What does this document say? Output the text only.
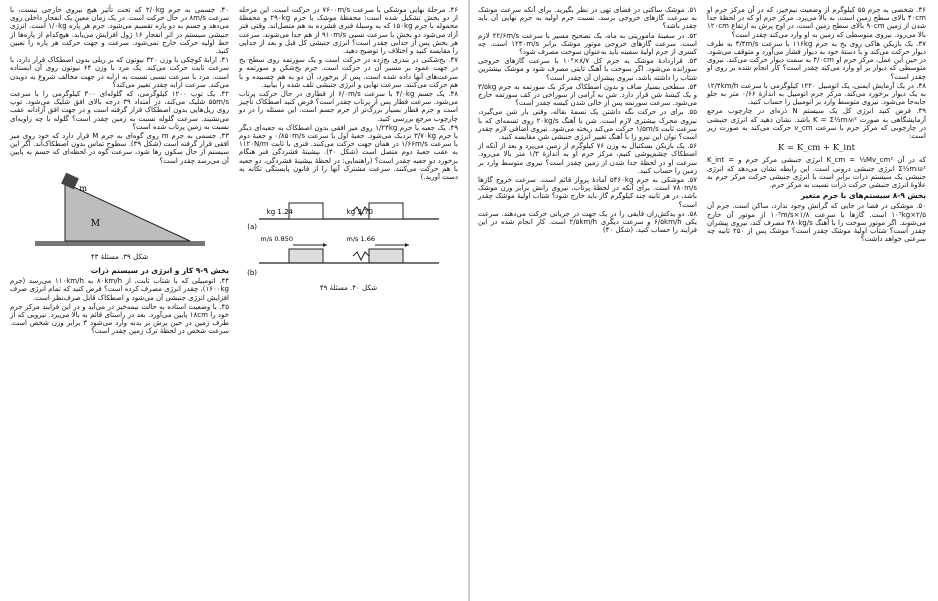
۴۰. جسمی به جرم ۲/۰kg که تحت تأثیر هیچ نیروی خارجی نیست، با سرعت ۸m/s در حال حرکت است. در یک زمان معین یک انفجار داخلی روی می‌دهد و جسم به دو پاره تقسیم می‌شود. جرم هر پاره ۱/۰kg است. انرژی جنبشی سیستم در اثر انفجار ۱۶ ژول افزایش می‌یابد. هیچ‌کدام از پاره‌ها از خط اولیه حرکت خارج نمی‌شود. سرعت و جهت حرکت هر پاره را تعیین کنید.
۴۱. ارابهٔ کوچکی با وزن ۳۲۰ نیوتون که بر ریلی بدون اصطکاک قرار دارد، با سرعت ثابت حرکت می‌کند. یک مرد با وزن ۶۴ نیوتون روی آن ایستاده است. مرد با سرعت نسبی نسبت به ارابه در جهت مخالف شروع به دویدن می‌کند. سرعت ارابه چقدر تغییر می‌کند؟
۴۲. یک توپ ۱۲۰۰ کیلوگرمی، که گلوله‌ای ۳۰۰ کیلوگرمی را با سرعت ۵۵m/s شلیک می‌کند، در امتداد ۳۹ درجه بالای افق شلیک می‌شود. توپ روی ریل‌هایی بدون اصطکاک قرار گرفته است و در جهت افق آزادانه عقب می‌نشیند. سرعت گلوله نسبت به زمین چقدر است؟ گلوله با چه زاویه‌ای نسبت به زمین پرتاب شده است؟
۴۳. جسمی به جرم m روی گوه‌ای به جرم M قرار دارد که خود روی میز افقی قرار گرفته است (شکل ۳۹). سطوح تماس بدون اصطکاک‌اند. اگر این سیستم از حال سکون رها شود، سرعت گوه در لحظه‌ای که جسم به پایین آن می‌رسد چقدر است؟
m
M
شکل ۳۹. مسئلهٔ ۴۳
بخش ۹-۹ کار و انرژی در سیستم ذرات
۴۴. اتومبیلی که با شتاب ثابت، از ۸۰km/h به ۱۱۰km/h می‌رسد (جرم ۱۶۰۰kg)، چقدر انرژی مصرف کرده است؟ فرض کنید که تمام انرژی صرف افزایش انرژی جنبشی آن می‌شود و اصطکاک قابل صرف‌نظر است.
۴۵. با وضعیت استاده به حالت نیمه‌خیز در می‌آید و در این فرایند مرکز جرم خود را ۱۸cm پایین می‌آورد. بعد در راستای قائم به بالا می‌پرد. نیرویی که از طرف زمین در حین پرش بر بدنه وارد می‌شود ۳ برابر وزن شخص است. سرعت شخص در لحظهٔ ترک زمین چقدر است؟
۴۶. مرحلهٔ نهایی موشکی با سرعت ۷۶۰۰m/s در حرکت است. این مرحله از دو بخش تشکیل شده است: محفظهٔ موشک با جرم ۲۹۰kg و محفظهٔ محموله با جرم ۱۵۰kg که به وسیلهٔ فنری فشرده به هم متصل‌اند. وقتی فنر آزاد می‌شود دو بخش با سرعت نسبی ۹۱۰m/s از هم جدا می‌شوند. سرعت هر بخش پس از جدایی چقدر است؟ انرژی جنبشی کل قبل و بعد از جدایی را مقایسه کنید و اختلاف را توضیح دهید.
۴۷. یخ‌شکنی در بندری یخ‌زده در حرکت است و یک سورتمه روی سطح یخ در جهت عمود بر مسیر آن در حرکت است. جرم یخ‌شکن و سورتمه و سرعت‌های آنها داده شده است. پس از برخورد، آن دو به هم چسبیده و با هم حرکت می‌کنند. سرعت نهایی و انرژی جنبشی تلف شده را بیابید.
۴۸. یک جسم ۴/۰kg با سرعت ۶/۰m/s از قطاری در حال حرکت پرتاب می‌شود. سرعت قطار پس از پرتاب چقدر است؟ فرض کنید اصطکاک ناچیز است و جرم قطار بسیار بزرگ‌تر از جرم جسم است. این مسئله را در دو چارچوب مرجع بررسی کنید.
۴۹. یک جعبه با جرم ۱/۲۴kg روی میز افقی بدون اصطکاک به جعبه‌ای دیگر با جرم ۳/۷۰kg نزدیک می‌شود. جعبهٔ اول با سرعت ۰/۸۵۰m/s و جعبهٔ دوم با سرعت ۱/۶۶m/s در همان جهت حرکت می‌کنند. فنری با ثابت ۱۱۲۰N/m به عقب جعبهٔ دوم متصل است (شکل ۴۰). بیشینهٔ فشردگی فنر هنگام برخورد دو جعبه چقدر است؟ (راهنمایی: در لحظهٔ بیشینهٔ فشردگی، دو جعبه با هم حرکت می‌کنند. سرعت مشترک آنها را از قانون پایستگی تکانه به دست آورید.)
1.24 kg	3.70 kg
(a)
0.850 m/s	1.66 m/s
(b)
شکل ۴۰. مسئلهٔ ۴۹
۵۱. موشک ساکنی در فضای تهی در نظر بگیرید. برای آنکه سرعت موشک به سرعت گازهای خروجی برسد، نسبت جرم اولیه به جرم نهایی آن باید چقدر باشد؟
۵۲. در سفینهٔ ماموریتی به ماه، یک تصحیح مسیر با سرعت ۲۲/۶m/s لازم است. سرعت گازهای خروجی موتور موشک برابر ۱۲۳۰m/s است. چه کسری از جرم اولیهٔ سفینه باید به‌عنوان سوخت مصرف شود؟
۵۳. قراردادهٔ موشک به جرم کل ۸/۷×۱۰⁶ با سرعت گازهای خروجی سوزانده می‌شود. اگر سوخت با آهنگ ثابتی مصرف شود و موشک بیشترین شتاب را داشته باشد، نیروی پیشران آن چقدر است؟
۵۴. سطحی بسیار صاف و بدون اصطکاک مرکز یک سورتمه به جرم ۳/۵kg و یک کیسهٔ شن قرار دارد. شن به آرامی از سوراخی در کف سورتمه خارج می‌شود. سرعت سورتمه پس از خالی شدن کیسه چقدر است؟
۵۵. برای در حرکت نگه داشتن یک تسمهٔ نقاله، وقتی بار شن می‌گیرد، نیروی محرک بیشتری لازم است. شن با آهنگ ۲۰kg/s روی تسمه‌ای که با سرعت ثابت ۱/۵m/s حرکت می‌کند ریخته می‌شود. نیروی اضافی لازم چقدر است؟ توان این نیرو را با آهنگ تغییر انرژی جنبشی شن مقایسه کنید.
۵۶. یک بازیکن بسکتبال به وزن ۷۶ کیلوگرم از زمین می‌پرد و بعد از آنکه از اصطکاک چشم‌پوشی کنیم، مرکز جرم او به اندازهٔ ۱/۳ متر بالا می‌رود. سرعت او در لحظهٔ جدا شدن از زمین چقدر است؟ نیروی متوسط وارد بر زمین را حساب کنید.
۵۷. موشکی به جرم ۵۴۶۰kg آمادهٔ پرواز قائم است. سرعت خروج گازها ۷۸۰m/s است. برای آنکه در لحظهٔ پرتاب، نیروی رانش برابر وزن موشک باشد، در هر ثانیه چند کیلوگرم گاز باید خارج شود؟ شتاب اولیهٔ موشک چقدر است؟
۵۸. دو یدکش‌ران قایقی را در یک جهت در جریانی حرکت می‌دهند. سرعت یکی ۶/۵km/h و سرعت دیگری ۲/۵km/h است. کار انجام شده در این فرایند را حساب کنید. (شکل ۴۰)
۴۶. شخصی به جرم ۵۵ کیلوگرم از وضعیت نیم‌خیز، که در آن مرکز جرم او ۴۰cm بالای سطح زمین است، به بالا می‌پرد. مرکز جرم او که در لحظهٔ جدا شدن از زمین ۹۰cm بالای سطح زمین است، در اوج پرش به ارتفاع ۱۲۰cm بالا می‌رود. نیروی متوسطی که زمین به او وارد می‌کند چقدر است؟
۴۷. یک بازیکن هاکی روی یخ به جرم ۱۱۶kg با سرعت ۳/۴m/s به طرف دیوار حرکت می‌کند و با دستهٔ خود به دیوار فشار می‌آورد و متوقف می‌شود. در حین این عمل، مرکز جرم او ۴/۰cm به سمت دیوار حرکت می‌کند. نیروی متوسطی که دیوار بر او وارد می‌کند چقدر است؟ کار انجام شده بر روی او چقدر است؟
۴۸. در یک آزمایش ایمنی، یک اتومبیل ۱۲۲۰ کیلوگرمی با سرعت ۱۲/۴km/h به یک دیوار برخورد می‌کند. مرکز جرم اتومبیل به اندازهٔ ۰/۶۶ متر به جلو جابه‌جا می‌شود. نیروی متوسط وارد بر اتومبیل را حساب کنید.
۴۹. فرض کنید انرژی کل یک سیستم N ذره‌ای در چارچوب مرجع آزمایشگاهی به صورت K = Σ½mᵢvᵢ² باشد. نشان دهید که انرژی جنبشی در چارچوبی که مرکز جرم با سرعت v_cm حرکت می‌کند به صورت زیر است:
K = K_cm + K_int
که در آن K_cm = ½Mv_cm² انرژی جنبشی مرکز جرم و K_int = Σ½mᵢuᵢ² انرژی جنبشی درونی است. این رابطه نشان می‌دهد که انرژی جنبشی یک سیستم ذرات برابر است با انرژی جنبشی حرکت مرکز جرم به علاوهٔ انرژی جنبشی حرکت ذرات نسبت به مرکز جرم.
بخش ۹-۸ سیستم‌های با جرم متغیر
۵۰. موشکی در فضا در جایی که گرانش وجود ندارد، ساکن است. جرم آن ۲/۵×۱۰⁵kg است. گازها با سرعت ۱/۸×۱۰³m/s از موتور آن خارج می‌شوند. اگر موتور سوخت را با آهنگ ۴۸۰kg/s مصرف کند، نیروی پیشران چقدر است؟ شتاب اولیهٔ موشک چقدر است؟ موشک پس از ۲۵۰ ثانیه چه سرعتی خواهد داشت؟
